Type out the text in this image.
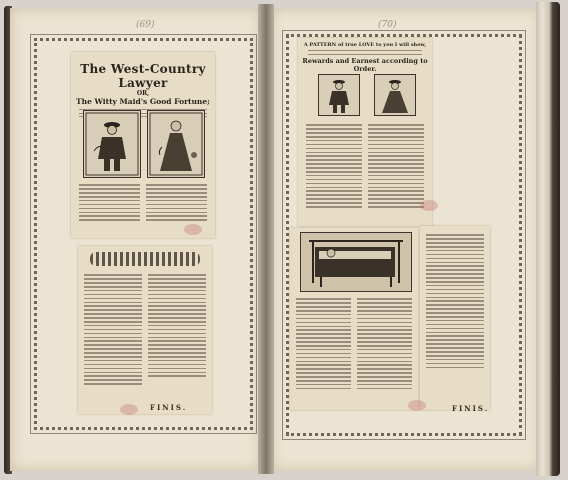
(69)
The West-Country Lawyer
OR,
The Witty Maid's Good Fortune;
FINIS.
(70)
A PATTERN of true LOVE to you I will show,
Rewards and Earnest according to Order.
FINIS.
